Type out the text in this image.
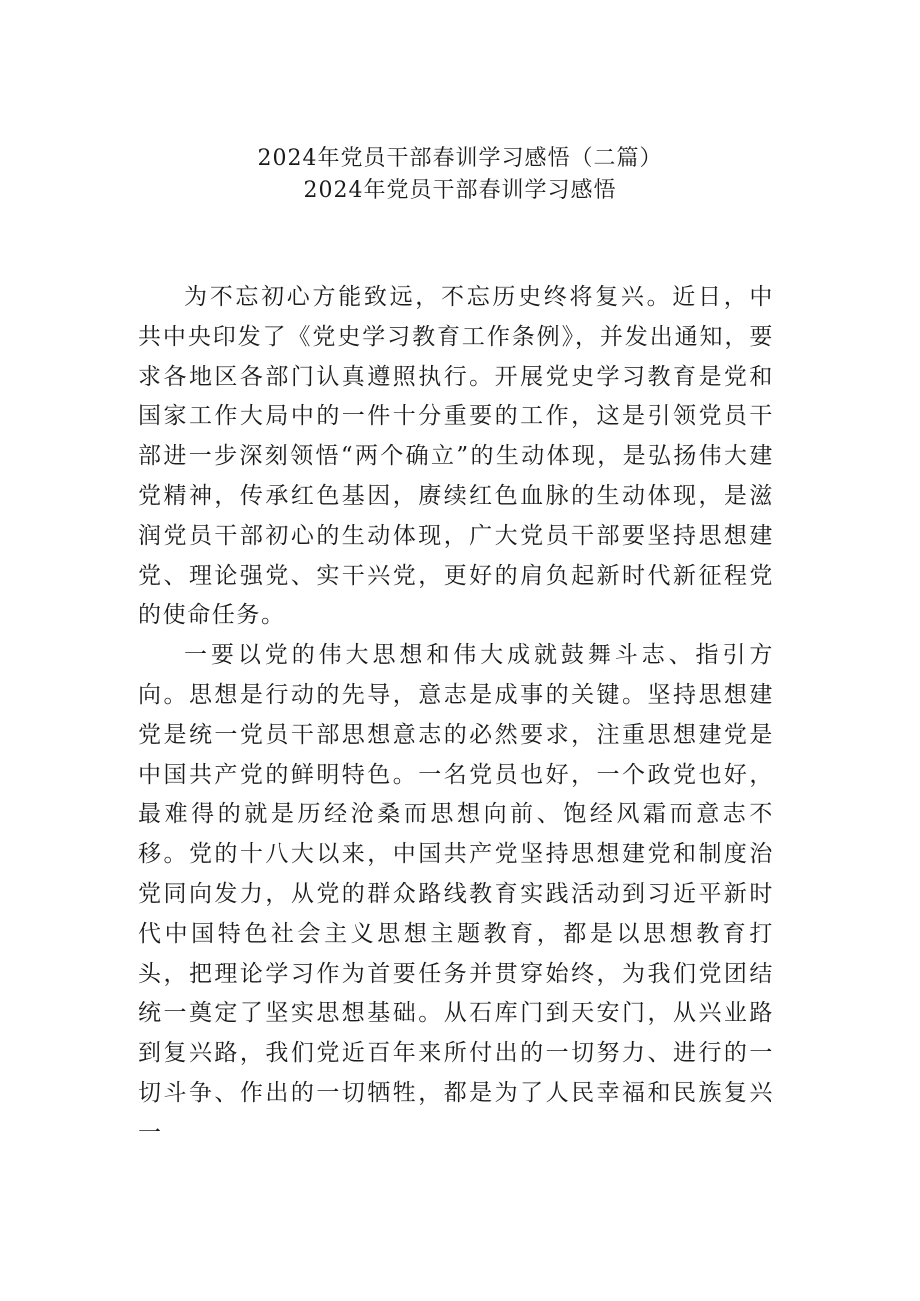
2024年党员干部春训学习感悟（二篇）

2024年党员干部春训学习感悟

为不忘初心方能致远，不忘历史终将复兴。近日，中共中央印发了《党史学习教育工作条例》，并发出通知，要求各地区各部门认真遵照执行。开展党史学习教育是党和国家工作大局中的一件十分重要的工作，这是引领党员干部进一步深刻领悟“两个确立”的生动体现，是弘扬伟大建党精神，传承红色基因，赓续红色血脉的生动体现，是滋润党员干部初心的生动体现，广大党员干部要坚持思想建党、理论强党、实干兴党，更好的肩负起新时代新征程党的使命任务。

一要以党的伟大思想和伟大成就鼓舞斗志、指引方向。思想是行动的先导，意志是成事的关键。坚持思想建党是统一党员干部思想意志的必然要求，注重思想建党是中国共产党的鲜明特色。一名党员也好，一个政党也好，最难得的就是历经沧桑而思想向前、饱经风霜而意志不移。党的十八大以来，中国共产党坚持思想建党和制度治党同向发力，从党的群众路线教育实践活动到习近平新时代中国特色社会主义思想主题教育，都是以思想教育打头，把理论学习作为首要任务并贯穿始终，为我们党团结统一奠定了坚实思想基础。从石库门到天安门，从兴业路到复兴路，我们党近百年来所付出的一切努力、进行的一切斗争、作出的一切牺牲，都是为了人民幸福和民族复兴一
